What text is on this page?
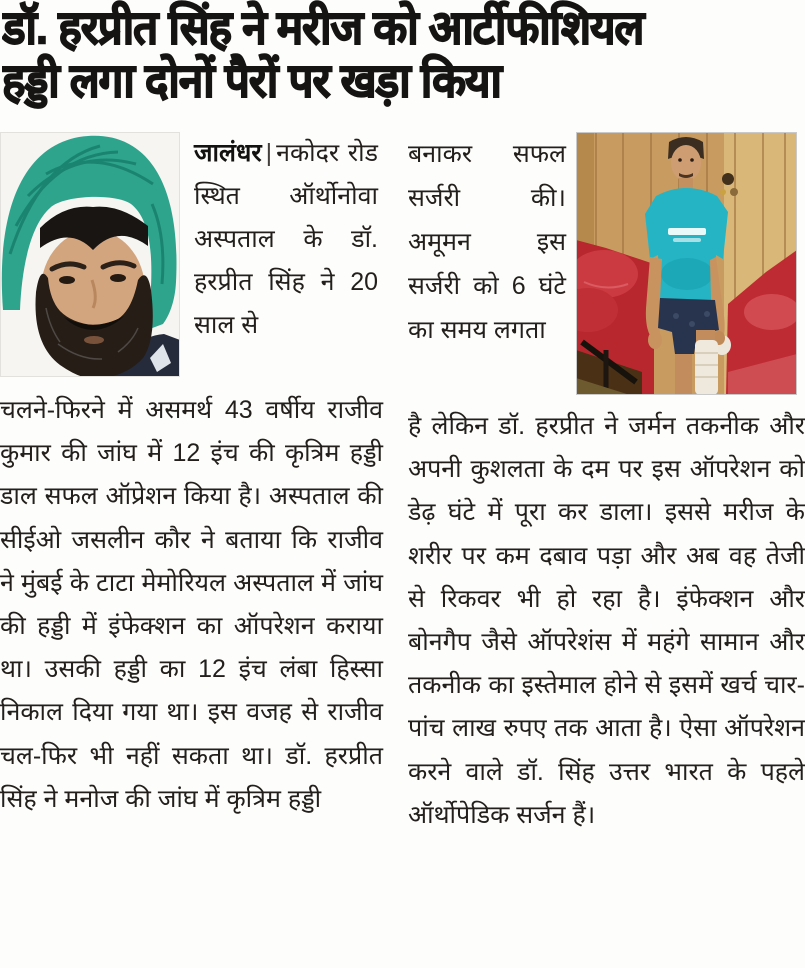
डॉ. हरप्रीत सिंह ने मरीज को आर्टीफीशियल
हड्डी लगा दोनों पैरों पर खड़ा किया
जालंधर | नकोदर रोड स्थित ऑर्थोनोवा अस्पताल के डॉ. हरप्रीत सिंह ने 20 साल से
चलने-फिरने में असमर्थ 43 वर्षीय राजीव कुमार की जांघ में 12 इंच की कृत्रिम हड्डी डाल सफल ऑप्रेशन किया है। अस्पताल की सीईओ जसलीन कौर ने बताया कि राजीव ने मुंबई के टाटा मेमोरियल अस्पताल में जांघ की हड्डी में इंफेक्शन का ऑपरेशन कराया था। उसकी हड्डी का 12 इंच लंबा हिस्सा निकाल दिया गया था। इस वजह से राजीव चल-फिर भी नहीं सकता था। डॉ. हरप्रीत सिंह ने मनोज की जांघ में कृत्रिम हड्डी
बनाकर सफल सर्जरी की। अमूमन इस सर्जरी को 6 घंटे का समय लगता
है लेकिन डॉ. हरप्रीत ने जर्मन तकनीक और अपनी कुशलता के दम पर इस ऑपरेशन को डेढ़ घंटे में पूरा कर डाला। इससे मरीज के शरीर पर कम दबाव पड़ा और अब वह तेजी से रिकवर भी हो रहा है। इंफेक्शन और बोनगैप जैसे ऑपरेशंस में महंगे सामान और तकनीक का इस्तेमाल होने से इसमें खर्च चार-पांच लाख रुपए तक आता है। ऐसा ऑपरेशन करने वाले डॉ. सिंह उत्तर भारत के पहले ऑर्थोपेडिक सर्जन हैं।
